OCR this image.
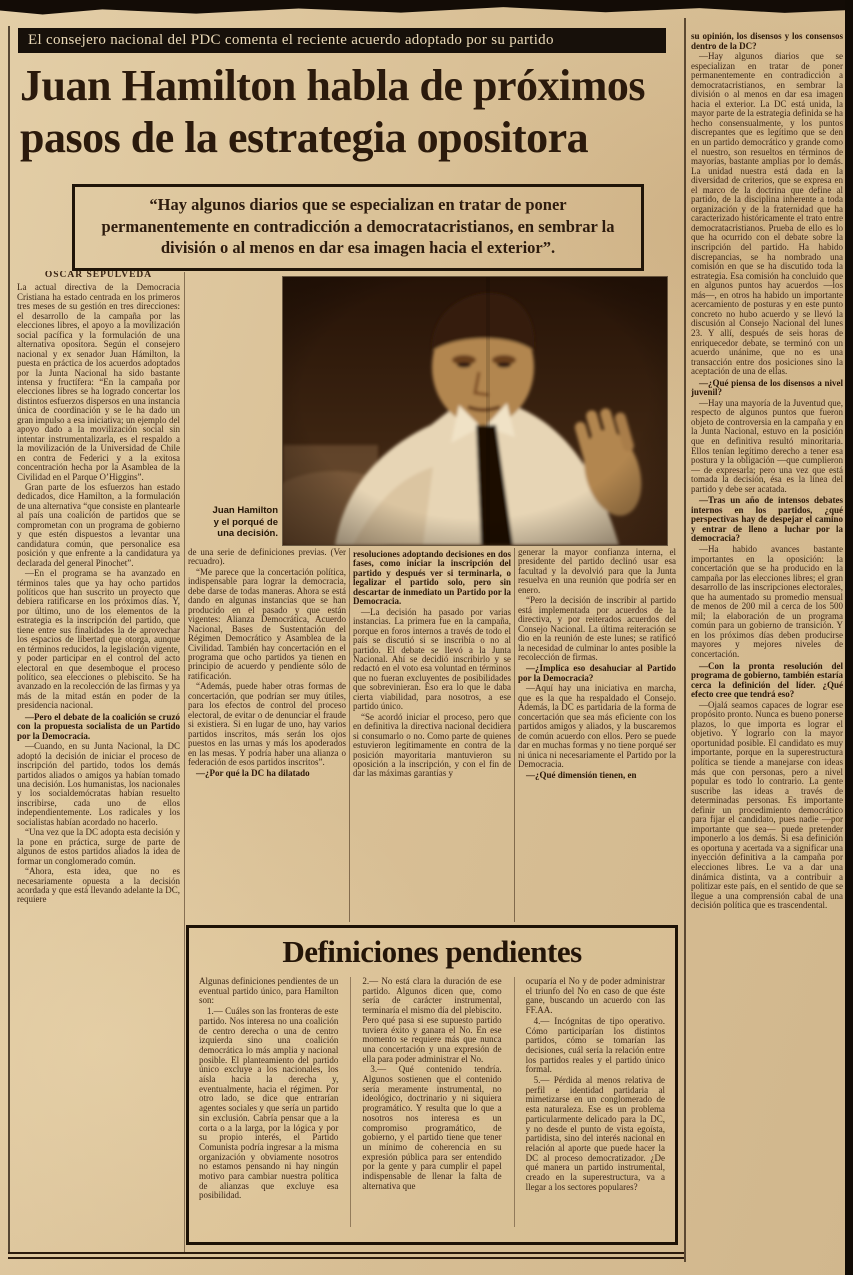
El consejero nacional del PDC comenta el reciente acuerdo adoptado por su partido
Juan Hamilton habla de próximos
pasos de la estrategia opositora
“Hay algunos diarios que se especializan en tratar de poner permanentemente en contradicción a democratacristianos, en sembrar la división o al menos en dar esa imagen hacia el exterior”.

OSCAR SEPULVEDA

La actual directiva de la Democracia Cristiana ha estado centrada en los primeros tres meses de su gestión en tres direcciones: el desarrollo de la campaña por las elecciones libres, el apoyo a la movilización social pacífica y la formulación de una alternativa opositora. Según el consejero nacional y ex senador Juan Hámilton, la puesta en práctica de los acuerdos adoptados por la Junta Nacional ha sido bastante intensa y fructífera: “En la campaña por elecciones libres se ha logrado concertar los distintos esfuerzos dispersos en una instancia única de coordinación y se le ha dado un gran impulso a esa iniciativa; un ejemplo del apoyo dado a la movilización social sin intentar instrumentalizarla, es el respaldo a la movilización de la Universidad de Chile en contra de Federici y a la exitosa concentración hecha por la Asamblea de la Civilidad en el Parque O’Higgins”.

Gran parte de los esfuerzos han estado dedicados, dice Hamilton, a la formulación de una alternativa “que consiste en plantearle al país una coalición de partidos que se comprometan con un programa de gobierno y que estén dispuestos a levantar una candidatura común, que personalice esa posición y que enfrente a la candidatura ya declarada del general Pinochet”.

—En el programa se ha avanzado en términos tales que ya hay ocho partidos políticos que han suscrito un proyecto que debiera ratificarse en los próximos días. Y, por último, uno de los elementos de la estrategia es la inscripción del partido, que tiene entre sus finalidades la de aprovechar los espacios de libertad que otorga, aunque en términos reducidos, la legislación vigente, y poder participar en el control del acto electoral en que desemboque el proceso político, sea elecciones o plebiscito. Se ha avanzado en la recolección de las firmas y ya más de la mitad están en poder de la presidencia nacional.

—Pero el debate de la coalición se cruzó con la propuesta socialista de un Partido por la Democracia.

—Cuando, en su Junta Nacional, la DC adoptó la decisión de iniciar el proceso de inscripción del partido, todos los demás partidos aliados o amigos ya habían tomado una decisión. Los humanistas, los nacionales y los socialdemócratas habían resuelto inscribirse, cada uno de ellos independientemente. Los radicales y los socialistas habían acordado no hacerlo.

“Una vez que la DC adopta esta decisión y la pone en práctica, surge de parte de algunos de estos partidos aliados la idea de formar un conglomerado común.

“Ahora, esta idea, que no es necesariamente opuesta a la decisión acordada y que está llevando adelante la DC, requiere

Juan Hamilton
y el porqué de
una decisión.

de una serie de definiciones previas. (Ver recuadro).

“Me parece que la concertación política, indispensable para lograr la democracia, debe darse de todas maneras. Ahora se está dando en algunas instancias que se han producido en el pasado y que están vigentes: Alianza Democrática, Acuerdo Nacional, Bases de Sustentación del Régimen Democrático y Asamblea de la Civilidad. También hay concertación en el programa que ocho partidos ya tienen en principio de acuerdo y pendiente sólo de ratificación.

“Además, puede haber otras formas de concertación, que podrían ser muy útiles, para los efectos de control del proceso electoral, de evitar o de denunciar el fraude si existiera. Si en lugar de uno, hay varios partidos inscritos, más serán los ojos puestos en las urnas y más los apoderados en las mesas. Y podría haber una alianza o federación de esos partidos inscritos”.

—¿Por qué la DC ha dilatado

resoluciones adoptando decisiones en dos fases, como iniciar la inscripción del partido y después ver si terminarla, o legalizar el partido solo, pero sin descartar de inmediato un Partido por la Democracia.

—La decisión ha pasado por varias instancias. La primera fue en la campaña, porque en foros internos a través de todo el país se discutió si se inscribía o no al partido. El debate se llevó a la Junta Nacional. Ahí se decidió inscribirlo y se redactó en el voto esa voluntad en términos que no fueran excluyentes de posibilidades que sobrevinieran. Eso era lo que le daba cierta viabilidad, para nosotros, a ese partido único.

“Se acordó iniciar el proceso, pero que en definitiva la directiva nacional decidiera si consumarlo o no. Como parte de quienes estuvieron legítimamente en contra de la posición mayoritaria mantuvieron su oposición a la inscripción, y con el fin de dar las máximas garantías y

generar la mayor confianza interna, el presidente del partido declinó usar esa facultad y la devolvió para que la Junta resuelva en una reunión que podría ser en enero.

“Pero la decisión de inscribir al partido está implementada por acuerdos de la directiva, y por reiterados acuerdos del Consejo Nacional. La última reiteración se dio en la reunión de este lunes; se ratificó la necesidad de culminar lo antes posible la recolección de firmas.

—¿Implica eso desahuciar al Partido por la Democracia?

—Aquí hay una iniciativa en marcha, que es la que ha respaldado el Consejo. Además, la DC es partidaria de la forma de concertación que sea más eficiente con los partidos amigos y aliados, y la buscaremos de común acuerdo con ellos. Pero se puede dar en muchas formas y no tiene porqué ser ni única ni necesariamente el Partido por la Democracia.

—¿Qué dimensión tienen, en

su opinión, los disensos y los consensos dentro de la DC?

—Hay algunos diarios que se especializan en tratar de poner permanentemente en contradicción a democratacristianos, en sembrar la división o al menos en dar esa imagen hacia el exterior. La DC está unida, la mayor parte de la estrategia definida se ha hecho consensualmente, y los puntos discrepantes que es legítimo que se den en un partido democrático y grande como el nuestro, son resueltos en términos de mayorías, bastante amplias por lo demás. La unidad nuestra está dada en la diversidad de criterios, que se expresa en el marco de la doctrina que define al partido, de la disciplina inherente a toda organización y de la fraternidad que ha caracterizado históricamente el trato entre democratacristianos. Prueba de ello es lo que ha ocurrido con el debate sobre la inscripción del partido. Ha habido discrepancias, se ha nombrado una comisión en que se ha discutido toda la estrategia. Esa comisión ha concluido que en algunos puntos hay acuerdos —los más—, en otros ha habido un importante acercamiento de posturas y en este punto concreto no hubo acuerdo y se llevó la discusión al Consejo Nacional del lunes 23. Y allí, después de seis horas de enriquecedor debate, se terminó con un acuerdo unánime, que no es una transacción entre dos posiciones sino la aceptación de una de ellas.

—¿Qué piensa de los disensos a nivel juvenil?

—Hay una mayoría de la Juventud que, respecto de algunos puntos que fueron objeto de controversia en la campaña y en la Junta Nacional, estuvo en la posición que en definitiva resultó minoritaria. Ellos tenían legítimo derecho a tener esa postura y la obligación —que cumplieron— de expresarla; pero una vez que está tomada la decisión, ésa es la línea del partido y debe ser acatada.

—Tras un año de intensos debates internos en los partidos, ¿qué perspectivas hay de despejar el camino y entrar de lleno a luchar por la democracia?

—Ha habido avances bastante importantes en la oposición: la concertación que se ha producido en la campaña por las elecciones libres; el gran desarrollo de las inscripciones electorales, que ha aumentado su promedio mensual de menos de 200 mil a cerca de los 500 mil; la elaboración de un programa común para un gobierno de transición. Y en los próximos días deben producirse mayores y mejores niveles de concertación.

—Con la pronta resolución del programa de gobierno, también estaría cerca la definición del líder. ¿Qué efecto cree que tendrá eso?

—Ojalá seamos capaces de lograr ese propósito pronto. Nunca es bueno ponerse plazos, lo que importa es lograr el objetivo. Y lograrlo con la mayor oportunidad posible. El candidato es muy importante, porque en la superestructura política se tiende a manejarse con ideas más que con personas, pero a nivel popular es todo lo contrario. La gente suscribe las ideas a través de determinadas personas. Es importante definir un procedimiento democrático para fijar el candidato, pues nadie —por importante que sea— puede pretender imponerlo a los demás. Si esa definición es oportuna y acertada va a significar una inyección definitiva a la campaña por elecciones libres. Le va a dar una dinámica distinta, va a contribuir a politizar este país, en el sentido de que se llegue a una comprensión cabal de una decisión política que es trascendental.

Definiciones pendientes

Algunas definiciones pendientes de un eventual partido único, para Hamilton son:

1.— Cuáles son las fronteras de este partido. Nos interesa no una coalición de centro derecha o una de centro izquierda sino una coalición democrática lo más amplia y nacional posible. El planteamiento del partido único excluye a los nacionales, los aísla hacia la derecha y, eventualmente, hacia el régimen. Por otro lado, se dice que entrarían agentes sociales y que sería un partido sin exclusión. Cabría pensar que a la corta o a la larga, por la lógica y por su propio interés, el Partido Comunista podría ingresar a la misma organización y obviamente nosotros no estamos pensando ni hay ningún motivo para cambiar nuestra política de alianzas que excluye esa posibilidad.

2.— No está clara la duración de ese partido. Algunos dicen que, como sería de carácter instrumental, terminaría el mismo día del plebiscito. Pero qué pasa si ese supuesto partido tuviera éxito y ganara el No. En ese momento se requiere más que nunca una concertación y una expresión de ella para poder administrar el No.

3.— Qué contenido tendría. Algunos sostienen que el contenido sería meramente instrumental, no ideológico, doctrinario y ni siquiera programático. Y resulta que lo que a nosotros nos interesa es un compromiso programático, de gobierno, y el partido tiene que tener un mínimo de coherencia en su expresión pública para ser entendido por la gente y para cumplir el papel indispensable de llenar la falta de alternativa que

ocuparía el No y de poder administrar el triunfo del No en caso de que éste gane, buscando un acuerdo con las FF.AA.

4.— Incógnitas de tipo operativo. Cómo participarían los distintos partidos, cómo se tomarían las decisiones, cuál sería la relación entre los partidos reales y el partido único formal.

5.— Pérdida al menos relativa de perfil e identidad partidaria al mimetizarse en un conglomerado de esta naturaleza. Ese es un problema particularmente delicado para la DC, y no desde el punto de vista egoísta, partidista, sino del interés nacional en relación al aporte que puede hacer la DC al proceso democratizador. ¿De qué manera un partido instrumental, creado en la superestructura, va a llegar a los sectores populares?
